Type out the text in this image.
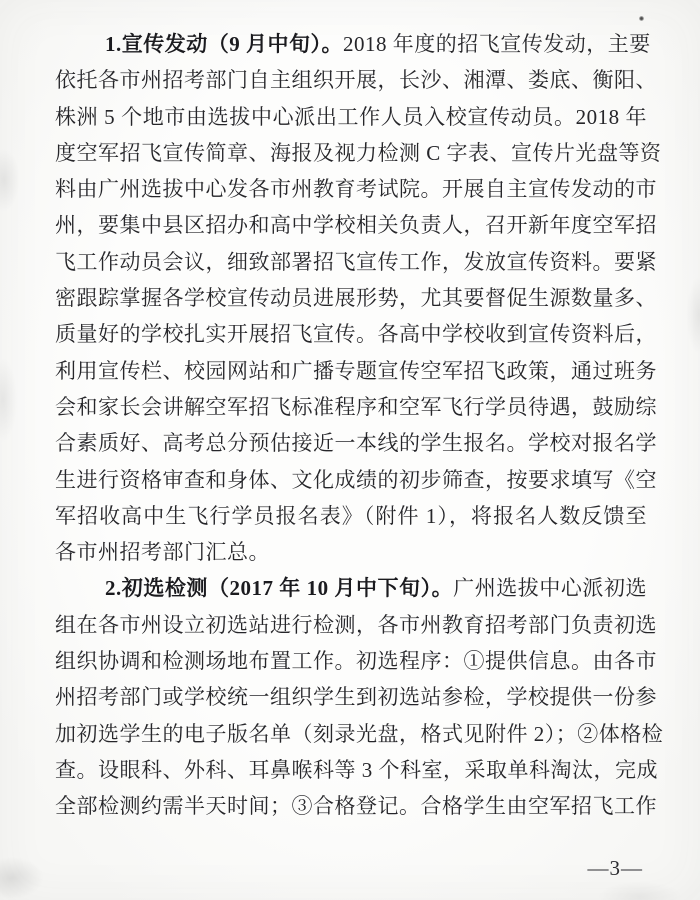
1.宣传发动（9 月中旬）。2018 年度的招飞宣传发动，主要
依托各市州招考部门自主组织开展，长沙、湘潭、娄底、衡阳、
株洲 5 个地市由选拔中心派出工作人员入校宣传动员。2018 年
度空军招飞宣传简章、海报及视力检测 C 字表、宣传片光盘等资
料由广州选拔中心发各市州教育考试院。开展自主宣传发动的市
州，要集中县区招办和高中学校相关负责人，召开新年度空军招
飞工作动员会议，细致部署招飞宣传工作，发放宣传资料。要紧
密跟踪掌握各学校宣传动员进展形势，尤其要督促生源数量多、
质量好的学校扎实开展招飞宣传。各高中学校收到宣传资料后，
利用宣传栏、校园网站和广播专题宣传空军招飞政策，通过班务
会和家长会讲解空军招飞标准程序和空军飞行学员待遇，鼓励综
合素质好、高考总分预估接近一本线的学生报名。学校对报名学
生进行资格审查和身体、文化成绩的初步筛查，按要求填写《空
军招收高中生飞行学员报名表》（附件 1），将报名人数反馈至
各市州招考部门汇总。
2.初选检测（2017 年 10 月中下旬）。广州选拔中心派初选
组在各市州设立初选站进行检测，各市州教育招考部门负责初选
组织协调和检测场地布置工作。初选程序：①提供信息。由各市
州招考部门或学校统一组织学生到初选站参检，学校提供一份参
加初选学生的电子版名单（刻录光盘，格式见附件 2）；②体格检
查。设眼科、外科、耳鼻喉科等 3 个科室，采取单科淘汰，完成
全部检测约需半天时间；③合格登记。合格学生由空军招飞工作
—3—
